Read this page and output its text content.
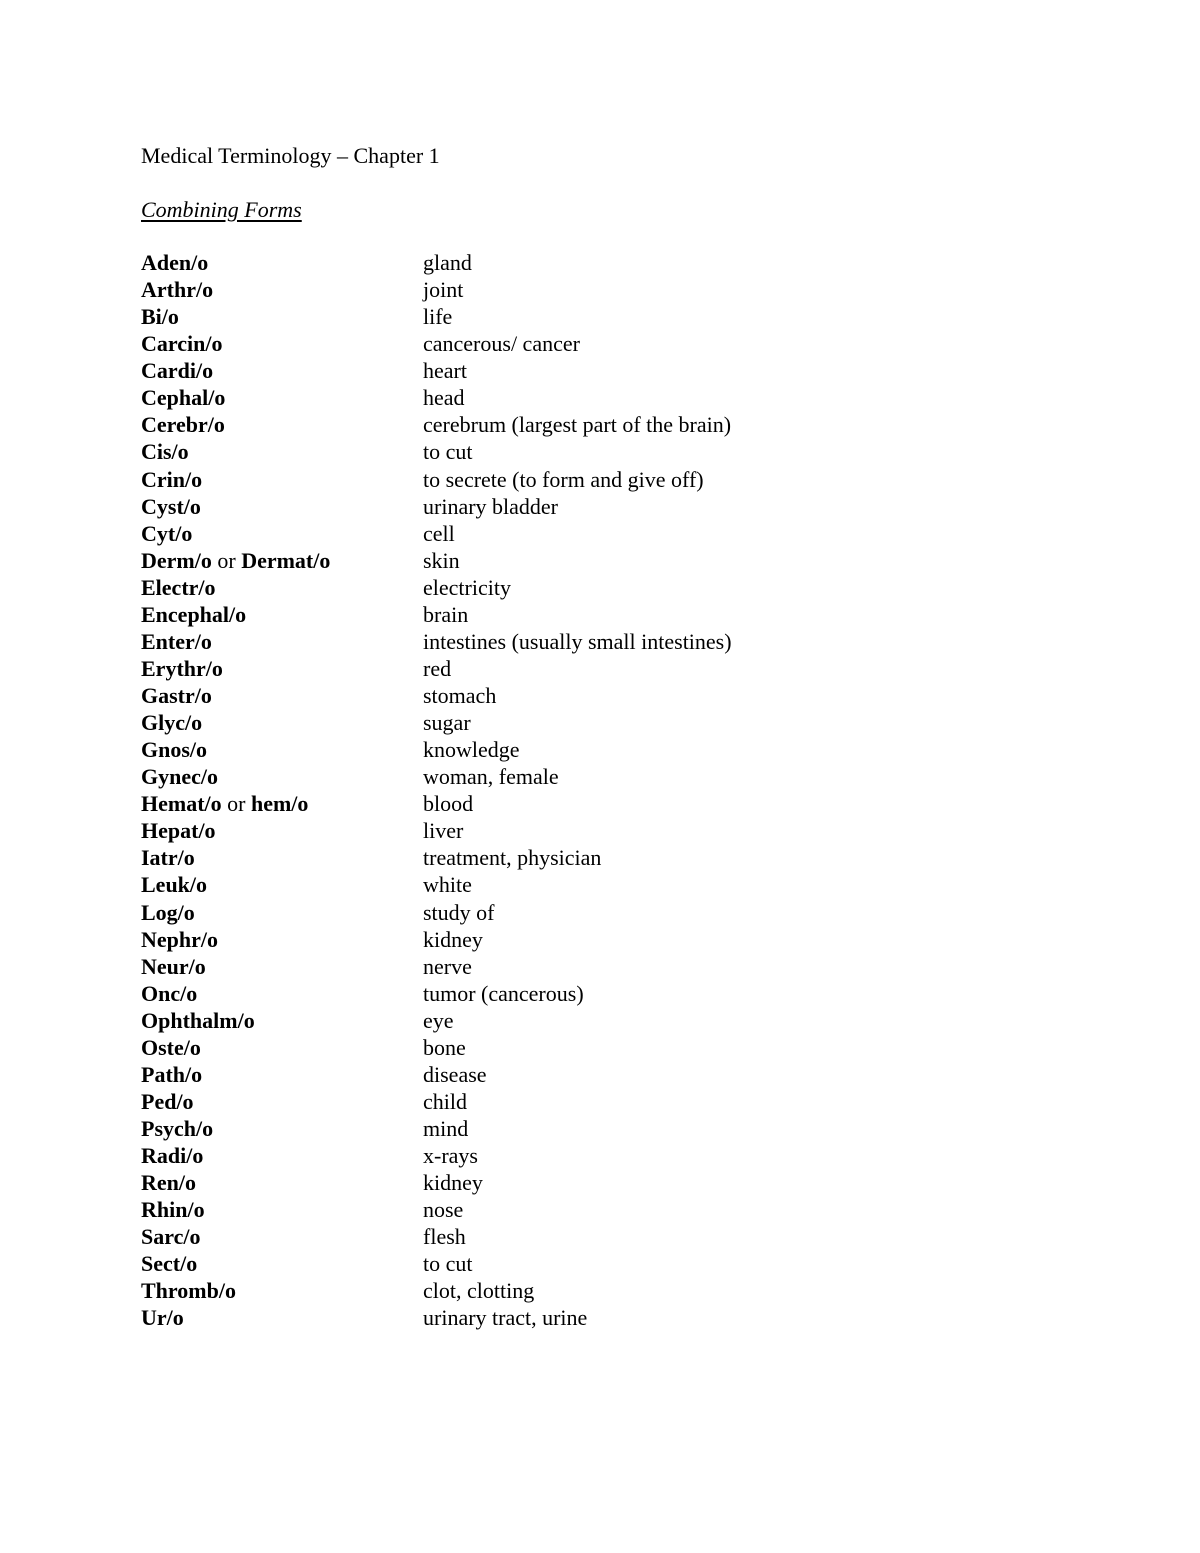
Medical Terminology – Chapter 1
Combining Forms
Aden/o	gland
Arthr/o	joint
Bi/o	life
Carcin/o	cancerous/ cancer
Cardi/o	heart
Cephal/o	head
Cerebr/o	cerebrum (largest part of the brain)
Cis/o	to cut
Crin/o	to secrete (to form and give off)
Cyst/o	urinary bladder
Cyt/o	cell
Derm/o or Dermat/o	skin
Electr/o	electricity
Encephal/o	brain
Enter/o	intestines (usually small intestines)
Erythr/o	red
Gastr/o	stomach
Glyc/o	sugar
Gnos/o	knowledge
Gynec/o	woman, female
Hemat/o or hem/o	blood
Hepat/o	liver
Iatr/o	treatment, physician
Leuk/o	white
Log/o	study of
Nephr/o	kidney
Neur/o	nerve
Onc/o	tumor (cancerous)
Ophthalm/o	eye
Oste/o	bone
Path/o	disease
Ped/o	child
Psych/o	mind
Radi/o	x-rays
Ren/o	kidney
Rhin/o	nose
Sarc/o	flesh
Sect/o	to cut
Thromb/o	clot, clotting
Ur/o	urinary tract, urine
